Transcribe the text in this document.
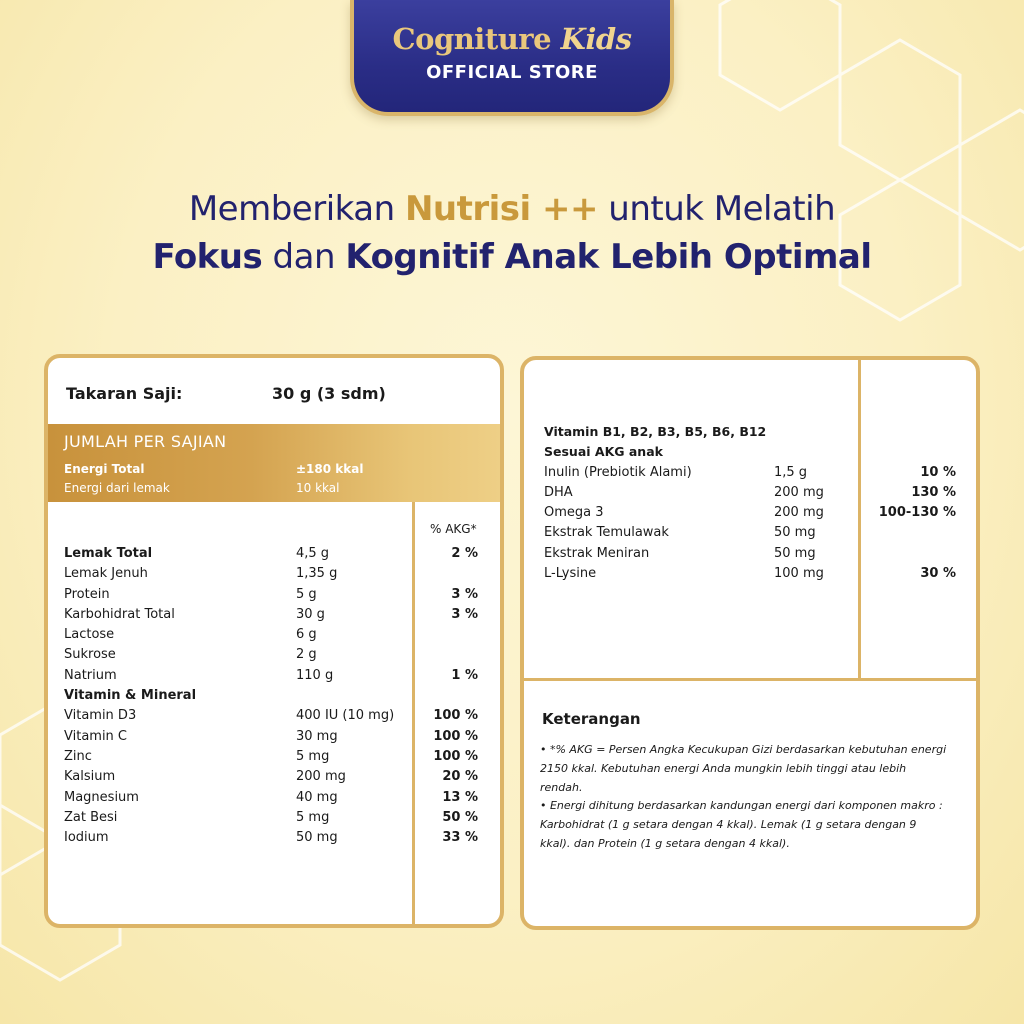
Cogniture Kids
OFFICIAL STORE
Memberikan Nutrisi ++ untuk Melatih
Fokus dan Kognitif Anak Lebih Optimal
Takaran Saji:	30 g (3 sdm)
JUMLAH PER SAJIAN
Energi Total	±180 kkal
Energi dari lemak	10 kkal
% AKG*
Lemak Total	4,5 g	2 %
Lemak Jenuh	1,35 g
Protein	5 g	3 %
Karbohidrat Total	30 g	3 %
Lactose	6 g
Sukrose	2 g
Natrium	110 g	1 %
Vitamin & Mineral
Vitamin D3	400 IU (10 mg)	100 %
Vitamin C	30 mg	100 %
Zinc	5 mg	100 %
Kalsium	200 mg	20 %
Magnesium	40 mg	13 %
Zat Besi	5 mg	50 %
Iodium	50 mg	33 %
Vitamin B1, B2, B3, B5, B6, B12
Sesuai AKG anak
Inulin (Prebiotik Alami)	1,5 g	10 %
DHA	200 mg	130 %
Omega 3	200 mg	100-130 %
Ekstrak Temulawak	50 mg
Ekstrak Meniran	50 mg
L-Lysine	100 mg	30 %
Keterangan
• *% AKG = Persen Angka Kecukupan Gizi berdasarkan kebutuhan energi 2150 kkal. Kebutuhan energi Anda mungkin lebih tinggi atau lebih rendah.
• Energi dihitung berdasarkan kandungan energi dari komponen makro : Karbohidrat (1 g setara dengan 4 kkal). Lemak (1 g setara dengan 9 kkal). dan Protein (1 g setara dengan 4 kkal).
